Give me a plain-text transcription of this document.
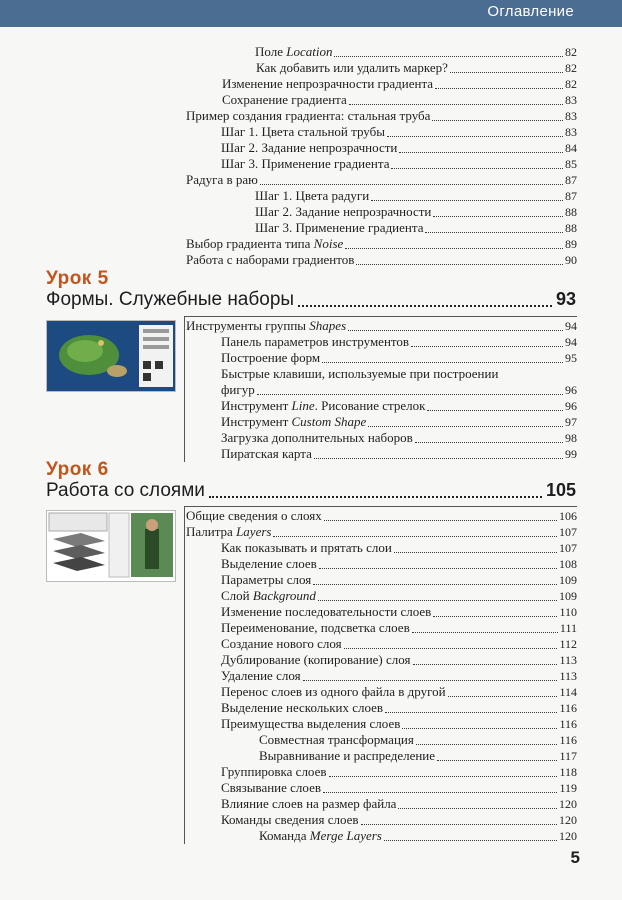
Оглавление
Поле Location	82
Как добавить или удалить маркер?	82
Изменение непрозрачности градиента	82
Сохранение градиента	83
Пример создания градиента: стальная труба	83
Шаг 1. Цвета стальной трубы	83
Шаг 2. Задание непрозрачности	84
Шаг 3. Применение градиента	85
Радуга в раю	87
Шаг 1. Цвета радуги	87
Шаг 2. Задание непрозрачности	88
Шаг 3. Применение градиента	88
Выбор градиента типа Noise	89
Работа с наборами градиентов	90
Инструменты группы Shapes	94
Панель параметров инструментов	94
Построение форм	95
Быстрые клавиши, используемые при построении
фигур	96
Инструмент Line. Рисование стрелок	96
Инструмент Custom Shape	97
Загрузка дополнительных наборов	98
Пиратская карта	99
Общие сведения о слоях	106
Палитра Layers	107
Как показывать и прятать слои	107
Выделение слоев	108
Параметры слоя	109
Слой Background	109
Изменение последовательности слоев	110
Переименование, подсветка слоев	111
Создание нового слоя	112
Дублирование (копирование) слоя	113
Удаление слоя	113
Перенос слоев из одного файла в другой	114
Выделение нескольких слоев	116
Преимущества выделения слоев	116
Совместная трансформация	116
Выравнивание и распределение	117
Группировка слоев	118
Связывание слоев	119
Влияние слоев на размер файла	120
Команды сведения слоев	120
Команда Merge Layers	120
Урок 5
Формы. Служебные наборы	93
Урок 6
Работа со слоями	105
5
